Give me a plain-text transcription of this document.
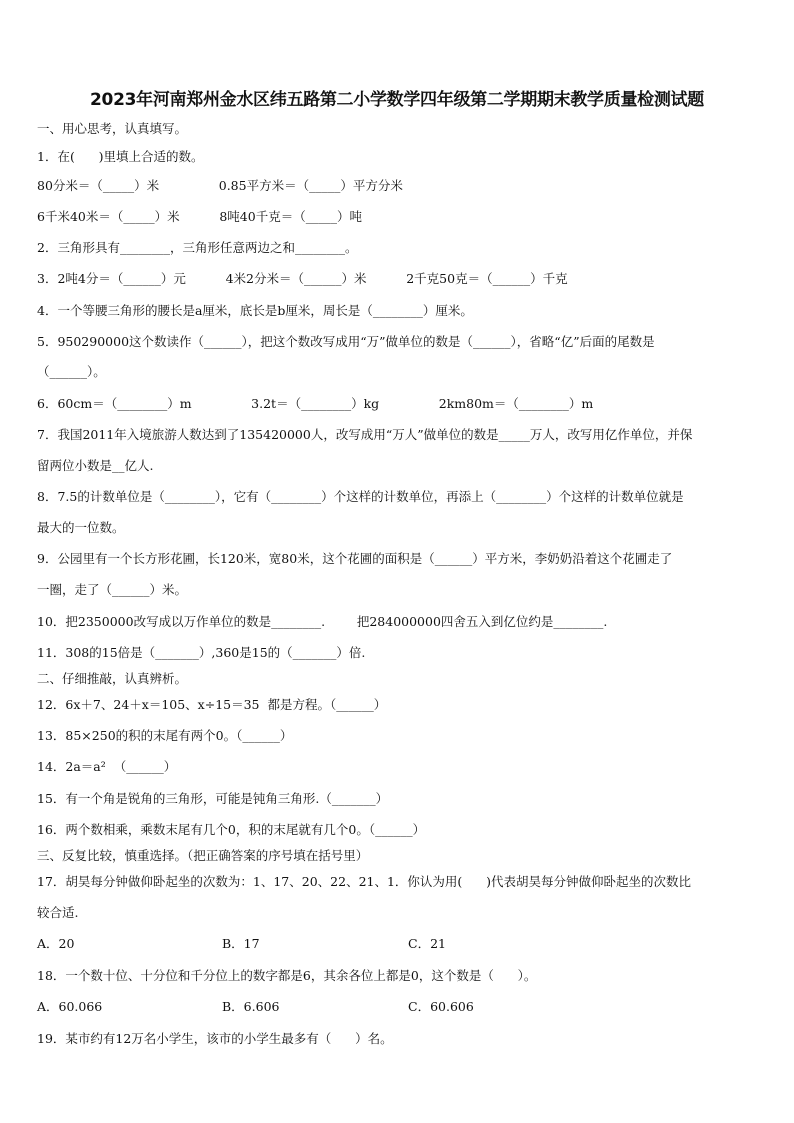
2023年河南郑州金水区纬五路第二小学数学四年级第二学期期末教学质量检测试题
一、用心思考，认真填写。
1．在(      )里填上合适的数。
80分米＝（_____）米               0.85平方米＝（_____）平方分米
6千米40米＝（_____）米          8吨40千克＝（_____）吨
2．三角形具有________，三角形任意两边之和________。
3．2吨4分＝（______）元          4米2分米＝（______）米          2千克50克＝（______）千克
4．一个等腰三角形的腰长是a厘米，底长是b厘米，周长是（________）厘米。
5．950290000这个数读作（______），把这个数改写成用“万”做单位的数是（______），省略“亿”后面的尾数是
（______）。
6．60cm＝（________）m               3.2t＝（________）kg               2km80m＝（________）m
7．我国2011年入境旅游人数达到了135420000人，改写成用“万人”做单位的数是_____万人，改写用亿作单位，并保
留两位小数是__亿人.
8．7.5的计数单位是（________），它有（________）个这样的计数单位，再添上（________）个这样的计数单位就是
最大的一位数。
9．公园里有一个长方形花圃，长120米，宽80米，这个花圃的面积是（______）平方米，李奶奶沿着这个花圃走了
一圈，走了（______）米。
10．把2350000改写成以万作单位的数是________.        把284000000四舍五入到亿位约是________.
11．308的15倍是（_______）,360是15的（_______）倍.
二、仔细推敲，认真辨析。
12．6x＋7、24＋x＝105、x÷15＝35  都是方程。（______）
13．85×250的积的末尾有两个0。（______）
14．2a＝a²  （______）
15．有一个角是锐角的三角形，可能是钝角三角形.（_______）
16．两个数相乘，乘数末尾有几个0，积的末尾就有几个0。（______）
三、反复比较，慎重选择。（把正确答案的序号填在括号里）
17．胡昊每分钟做仰卧起坐的次数为：1、17、20、22、21、1．你认为用(      )代表胡昊每分钟做仰卧起坐的次数比
较合适.
A．20	B．17	C．21
18．一个数十位、十分位和千分位上的数字都是6，其余各位上都是0，这个数是（      ）。
A．60.066	B．6.606	C．60.606
19．某市约有12万名小学生，该市的小学生最多有（      ）名。
